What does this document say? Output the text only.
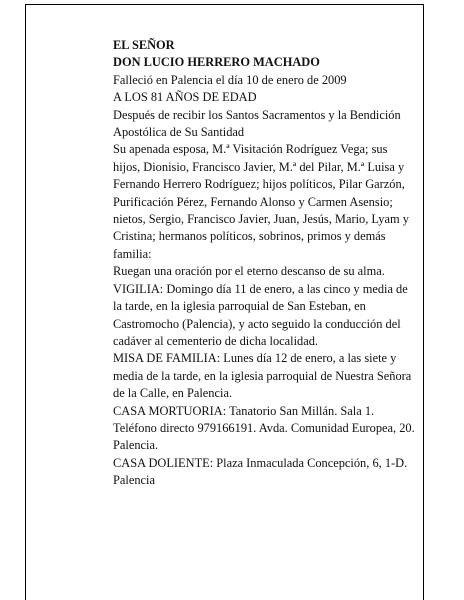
EL SEÑOR

DON LUCIO HERRERO MACHADO

Falleció en Palencia el día 10 de enero de 2009

A LOS 81 AÑOS DE EDAD

Después de recibir los Santos Sacramentos y la Bendición Apostólica de Su Santidad

Su apenada esposa, M.ª Visitación Rodríguez Vega; sus hijos, Dionisio, Francisco Javier, M.ª del Pilar, M.ª Luisa y Fernando Herrero Rodríguez; hijos políticos, Pilar Garzón, Purificación Pérez, Fernando Alonso y Carmen Asensio; nietos, Sergio, Francisco Javier, Juan, Jesús, Mario, Lyam y Cristina; hermanos políticos, sobrinos, primos y demás familia:

Ruegan una oración por el eterno descanso de su alma.

VIGILIA: Domingo día 11 de enero, a las cinco y media de la tarde, en la iglesia parroquial de San Esteban, en Castromocho (Palencia), y acto seguido la conducción del cadáver al cementerio de dicha localidad.

MISA DE FAMILIA: Lunes día 12 de enero, a las siete y media de la tarde, en la iglesia parroquial de Nuestra Señora de la Calle, en Palencia.

CASA MORTUORIA: Tanatorio San Millán. Sala 1. Teléfono directo 979166191. Avda. Comunidad Europea, 20. Palencia.

CASA DOLIENTE: Plaza Inmaculada Concepción, 6, 1-D. Palencia
